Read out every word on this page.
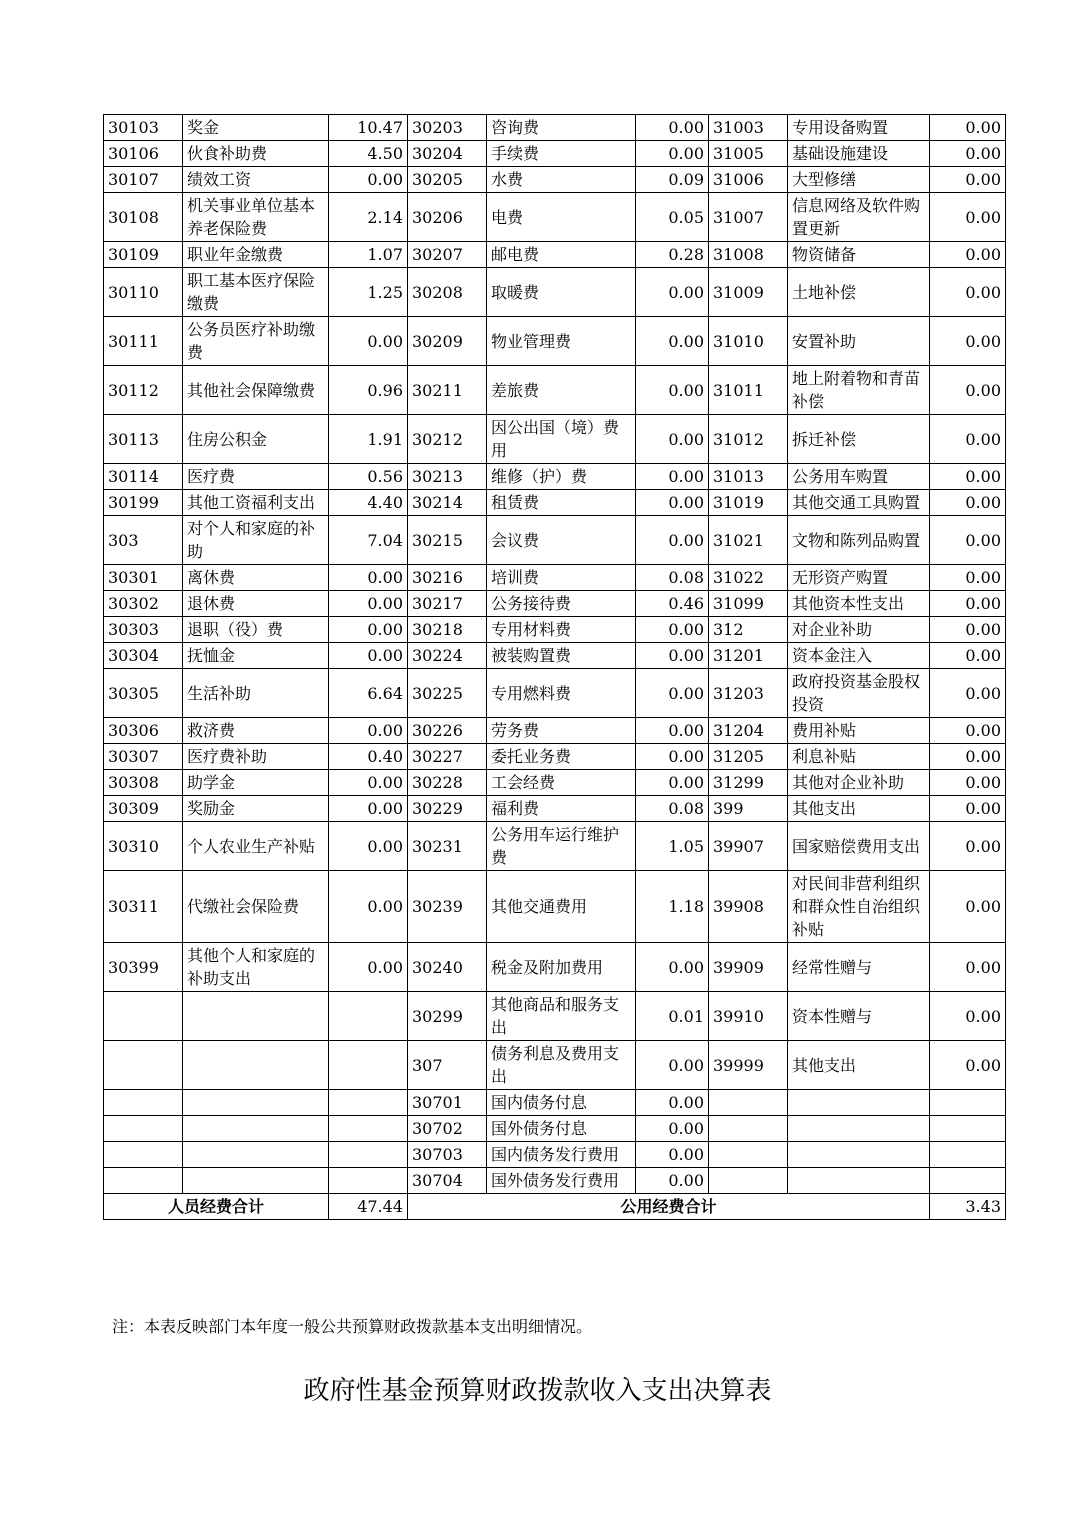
30103	奖金	10.47	30203	咨询费	0.00	31003	专用设备购置	0.00
30106	伙食补助费	4.50	30204	手续费	0.00	31005	基础设施建设	0.00
30107	绩效工资	0.00	30205	水费	0.09	31006	大型修缮	0.00
30108	机关事业单位基本养老保险费	2.14	30206	电费	0.05	31007	信息网络及软件购置更新	0.00
30109	职业年金缴费	1.07	30207	邮电费	0.28	31008	物资储备	0.00
30110	职工基本医疗保险缴费	1.25	30208	取暖费	0.00	31009	土地补偿	0.00
30111	公务员医疗补助缴费	0.00	30209	物业管理费	0.00	31010	安置补助	0.00
30112	其他社会保障缴费	0.96	30211	差旅费	0.00	31011	地上附着物和青苗补偿	0.00
30113	住房公积金	1.91	30212	因公出国（境）费用	0.00	31012	拆迁补偿	0.00
30114	医疗费	0.56	30213	维修（护）费	0.00	31013	公务用车购置	0.00
30199	其他工资福利支出	4.40	30214	租赁费	0.00	31019	其他交通工具购置	0.00
303	对个人和家庭的补助	7.04	30215	会议费	0.00	31021	文物和陈列品购置	0.00
30301	离休费	0.00	30216	培训费	0.08	31022	无形资产购置	0.00
30302	退休费	0.00	30217	公务接待费	0.46	31099	其他资本性支出	0.00
30303	退职（役）费	0.00	30218	专用材料费	0.00	312	对企业补助	0.00
30304	抚恤金	0.00	30224	被装购置费	0.00	31201	资本金注入	0.00
30305	生活补助	6.64	30225	专用燃料费	0.00	31203	政府投资基金股权投资	0.00
30306	救济费	0.00	30226	劳务费	0.00	31204	费用补贴	0.00
30307	医疗费补助	0.40	30227	委托业务费	0.00	31205	利息补贴	0.00
30308	助学金	0.00	30228	工会经费	0.00	31299	其他对企业补助	0.00
30309	奖励金	0.00	30229	福利费	0.08	399	其他支出	0.00
30310	个人农业生产补贴	0.00	30231	公务用车运行维护费	1.05	39907	国家赔偿费用支出	0.00
30311	代缴社会保险费	0.00	30239	其他交通费用	1.18	39908	对民间非营利组织和群众性自治组织补贴	0.00
30399	其他个人和家庭的补助支出	0.00	30240	税金及附加费用	0.00	39909	经常性赠与	0.00
			30299	其他商品和服务支出	0.01	39910	资本性赠与	0.00
			307	债务利息及费用支出	0.00	39999	其他支出	0.00
			30701	国内债务付息	0.00			
			30702	国外债务付息	0.00			
			30703	国内债务发行费用	0.00			
			30704	国外债务发行费用	0.00			
人员经费合计		47.44	公用经费合计					3.43
注：本表反映部门本年度一般公共预算财政拨款基本支出明细情况。
政府性基金预算财政拨款收入支出决算表
